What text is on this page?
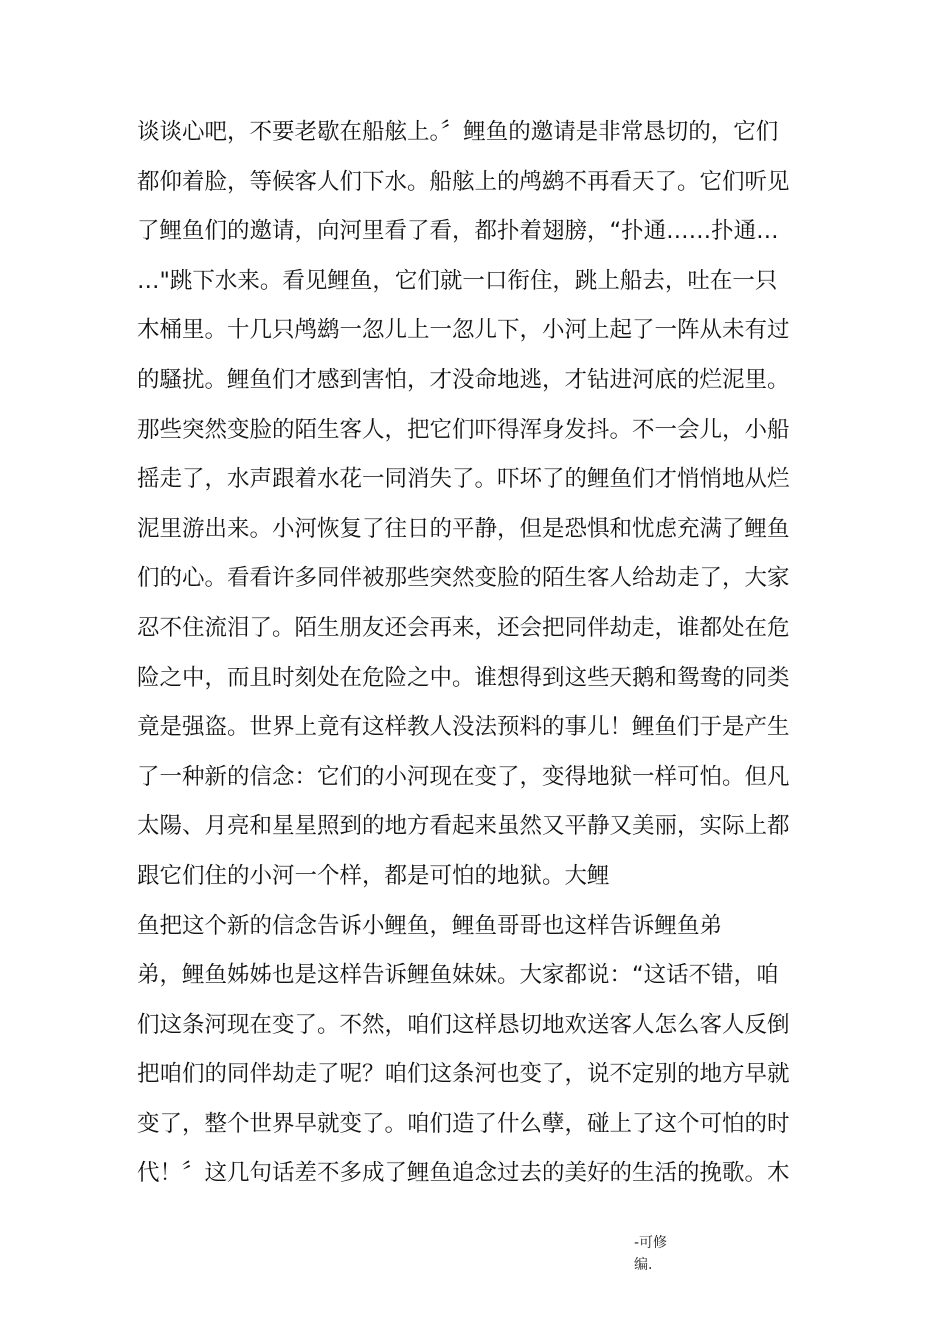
谈谈心吧，不要老歇在船舷上。〞鲤鱼的邀请是非常恳切的，它们
都仰着脸，等候客人们下水。船舷上的鸬鹚不再看天了。它们听见
了鲤鱼们的邀请，向河里看了看，都扑着翅膀，“扑通……扑通…
…"跳下水来。看见鲤鱼，它们就一口衔住，跳上船去，吐在一只
木桶里。十几只鸬鹚一忽儿上一忽儿下，小河上起了一阵从未有过
的騷扰。鲤鱼们才感到害怕，才没命地逃，才钻进河底的烂泥里。
那些突然变脸的陌生客人，把它们吓得浑身发抖。不一会儿，小船
摇走了，水声跟着水花一同消失了。吓坏了的鲤鱼们才悄悄地从烂
泥里游出来。小河恢复了往日的平静，但是恐惧和忧虑充满了鲤鱼
们的心。看看许多同伴被那些突然变脸的陌生客人给劫走了，大家
忍不住流泪了。陌生朋友还会再来，还会把同伴劫走，谁都处在危
险之中，而且时刻处在危险之中。谁想得到这些天鹅和鸳鸯的同类
竟是强盗。世界上竟有这样教人没法预料的事儿！鲤鱼们于是产生
了一种新的信念：它们的小河现在变了，变得地狱一样可怕。但凡
太陽、月亮和星星照到的地方看起来虽然又平静又美丽，实际上都
跟它们住的小河一个样，都是可怕的地狱。大鲤
鱼把这个新的信念告诉小鲤鱼，鲤鱼哥哥也这样告诉鲤鱼弟
弟，鲤鱼姊姊也是这样告诉鲤鱼妹妹。大家都说：“这话不错，咱
们这条河现在变了。不然，咱们这样恳切地欢送客人怎么客人反倒
把咱们的同伴劫走了呢？咱们这条河也变了，说不定别的地方早就
变了，整个世界早就变了。咱们造了什么孽，碰上了这个可怕的时
代！〞这几句话差不多成了鲤鱼追念过去的美好的生活的挽歌。木
-可修
编.
